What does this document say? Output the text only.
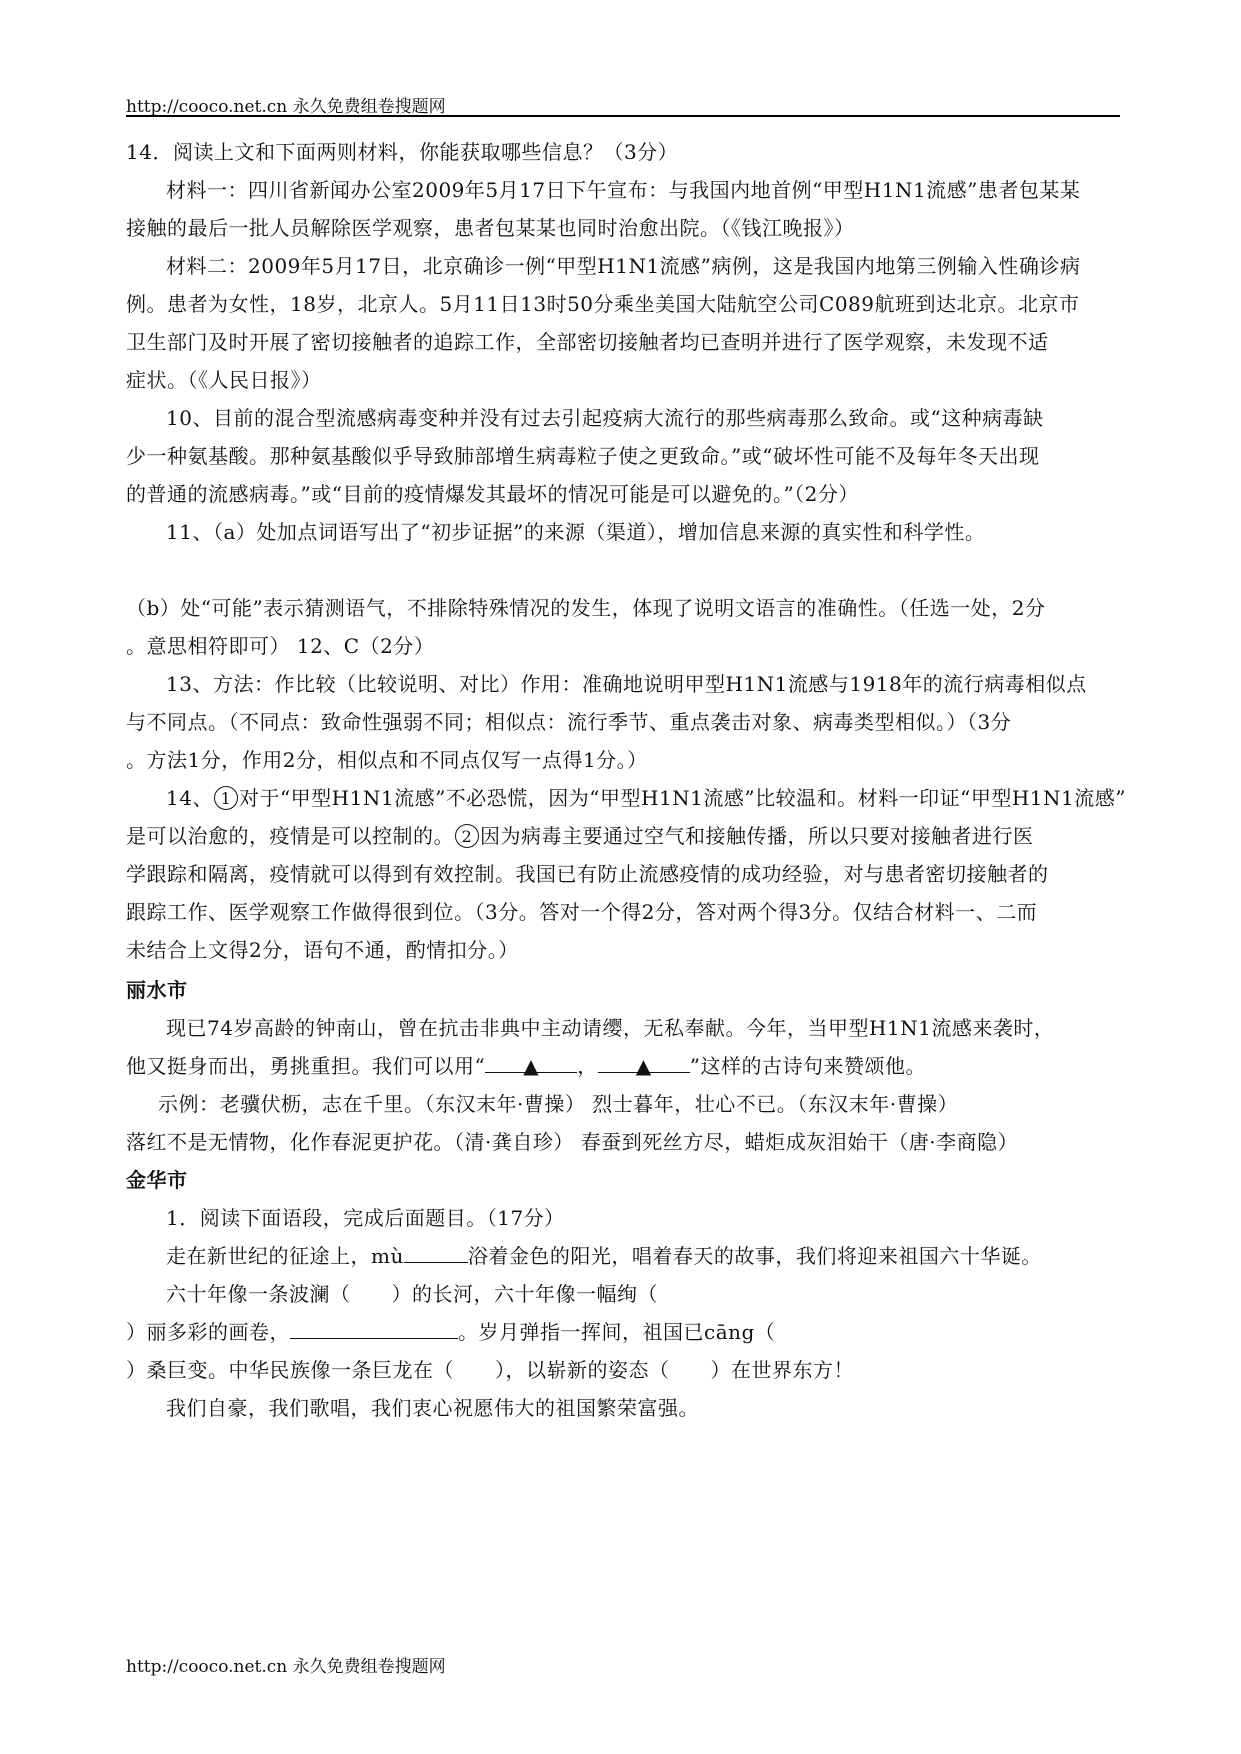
http://cooco.net.cn 永久免费组卷搜题网
14．阅读上文和下面两则材料，你能获取哪些信息？（3分）
材料一：四川省新闻办公室2009年5月17日下午宣布：与我国内地首例“甲型H1N1流感”患者包某某
接触的最后一批人员解除医学观察，患者包某某也同时治愈出院。（《钱江晚报》）
材料二：2009年5月17日，北京确诊一例“甲型H1N1流感”病例，这是我国内地第三例输入性确诊病
例。患者为女性，18岁，北京人。5月11日13时50分乘坐美国大陆航空公司C089航班到达北京。北京市
卫生部门及时开展了密切接触者的追踪工作，全部密切接触者均已查明并进行了医学观察，未发现不适
症状。（《人民日报》）
10、目前的混合型流感病毒变种并没有过去引起疫病大流行的那些病毒那么致命。或“这种病毒缺
少一种氨基酸。那种氨基酸似乎导致肺部增生病毒粒子使之更致命。”或“破坏性可能不及每年冬天出现
的普通的流感病毒。”或“目前的疫情爆发其最坏的情况可能是可以避免的。”（2分）
11、（a）处加点词语写出了“初步证据”的来源（渠道），增加信息来源的真实性和科学性。
（b）处“可能”表示猜测语气，不排除特殊情况的发生，体现了说明文语言的准确性。（任选一处，2分
。意思相符即可） 12、C（2分）
13、方法：作比较（比较说明、对比）作用：准确地说明甲型H1N1流感与1918年的流行病毒相似点
与不同点。（不同点：致命性强弱不同；相似点：流行季节、重点袭击对象、病毒类型相似。）（3分
。方法1分，作用2分，相似点和不同点仅写一点得1分。）
14、 1 对于“甲型H1N1流感”不必恐慌，因为“甲型H1N1流感”比较温和。材料一印证“甲型H1N1流感”
是可以治愈的，疫情是可以控制的。 2 因为病毒主要通过空气和接触传播，所以只要对接触者进行医
学跟踪和隔离，疫情就可以得到有效控制。我国已有防止流感疫情的成功经验，对与患者密切接触者的
跟踪工作、医学观察工作做得很到位。（3分。答对一个得2分，答对两个得3分。仅结合材料一、二而
未结合上文得2分，语句不通，酌情扣分。）
丽水市
现已74岁高龄的钟南山，曾在抗击非典中主动请缨，无私奉献。今年，当甲型H1N1流感来袭时，
他又挺身而出，勇挑重担。我们可以用“ ▲ ， ▲ ”这样的古诗句来赞颂他。
示例：老骥伏枥，志在千里。（东汉末年·曹操） 烈士暮年，壮心不已。（东汉末年·曹操）
落红不是无情物，化作春泥更护花。（清·龚自珍） 春蚕到死丝方尽，蜡炬成灰泪始干（唐·李商隐）
金华市
1．阅读下面语段，完成后面题目。（17分）
走在新世纪的征途上，mù	浴着金色的阳光，唱着春天的故事，我们将迎来祖国六十华诞。
六十年像一条波澜（　　）的长河，六十年像一幅绚（
）丽多彩的画卷，	。岁月弹指一挥间，祖国已cāng（
）桑巨变。中华民族像一条巨龙在（　　），以崭新的姿态（　　）在世界东方！
我们自豪，我们歌唱，我们衷心祝愿伟大的祖国繁荣富强。
http://cooco.net.cn 永久免费组卷搜题网
